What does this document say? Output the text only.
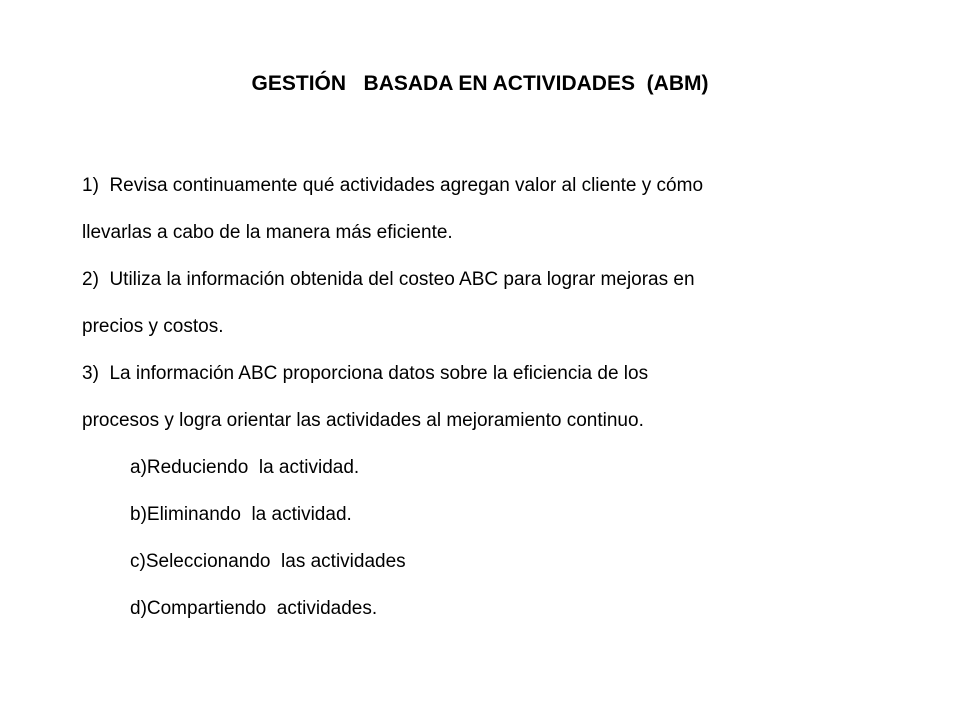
GESTIÓN   BASADA EN ACTIVIDADES  (ABM)
1)  Revisa continuamente qué actividades agregan valor al cliente y cómo
llevarlas a cabo de la manera más eficiente.
2)  Utiliza la información obtenida del costeo ABC para lograr mejoras en
precios y costos.
3)  La información ABC proporciona datos sobre la eficiencia de los
procesos y logra orientar las actividades al mejoramiento continuo.
a)Reduciendo  la actividad.
b)Eliminando  la actividad.
c)Seleccionando  las actividades
d)Compartiendo  actividades.
